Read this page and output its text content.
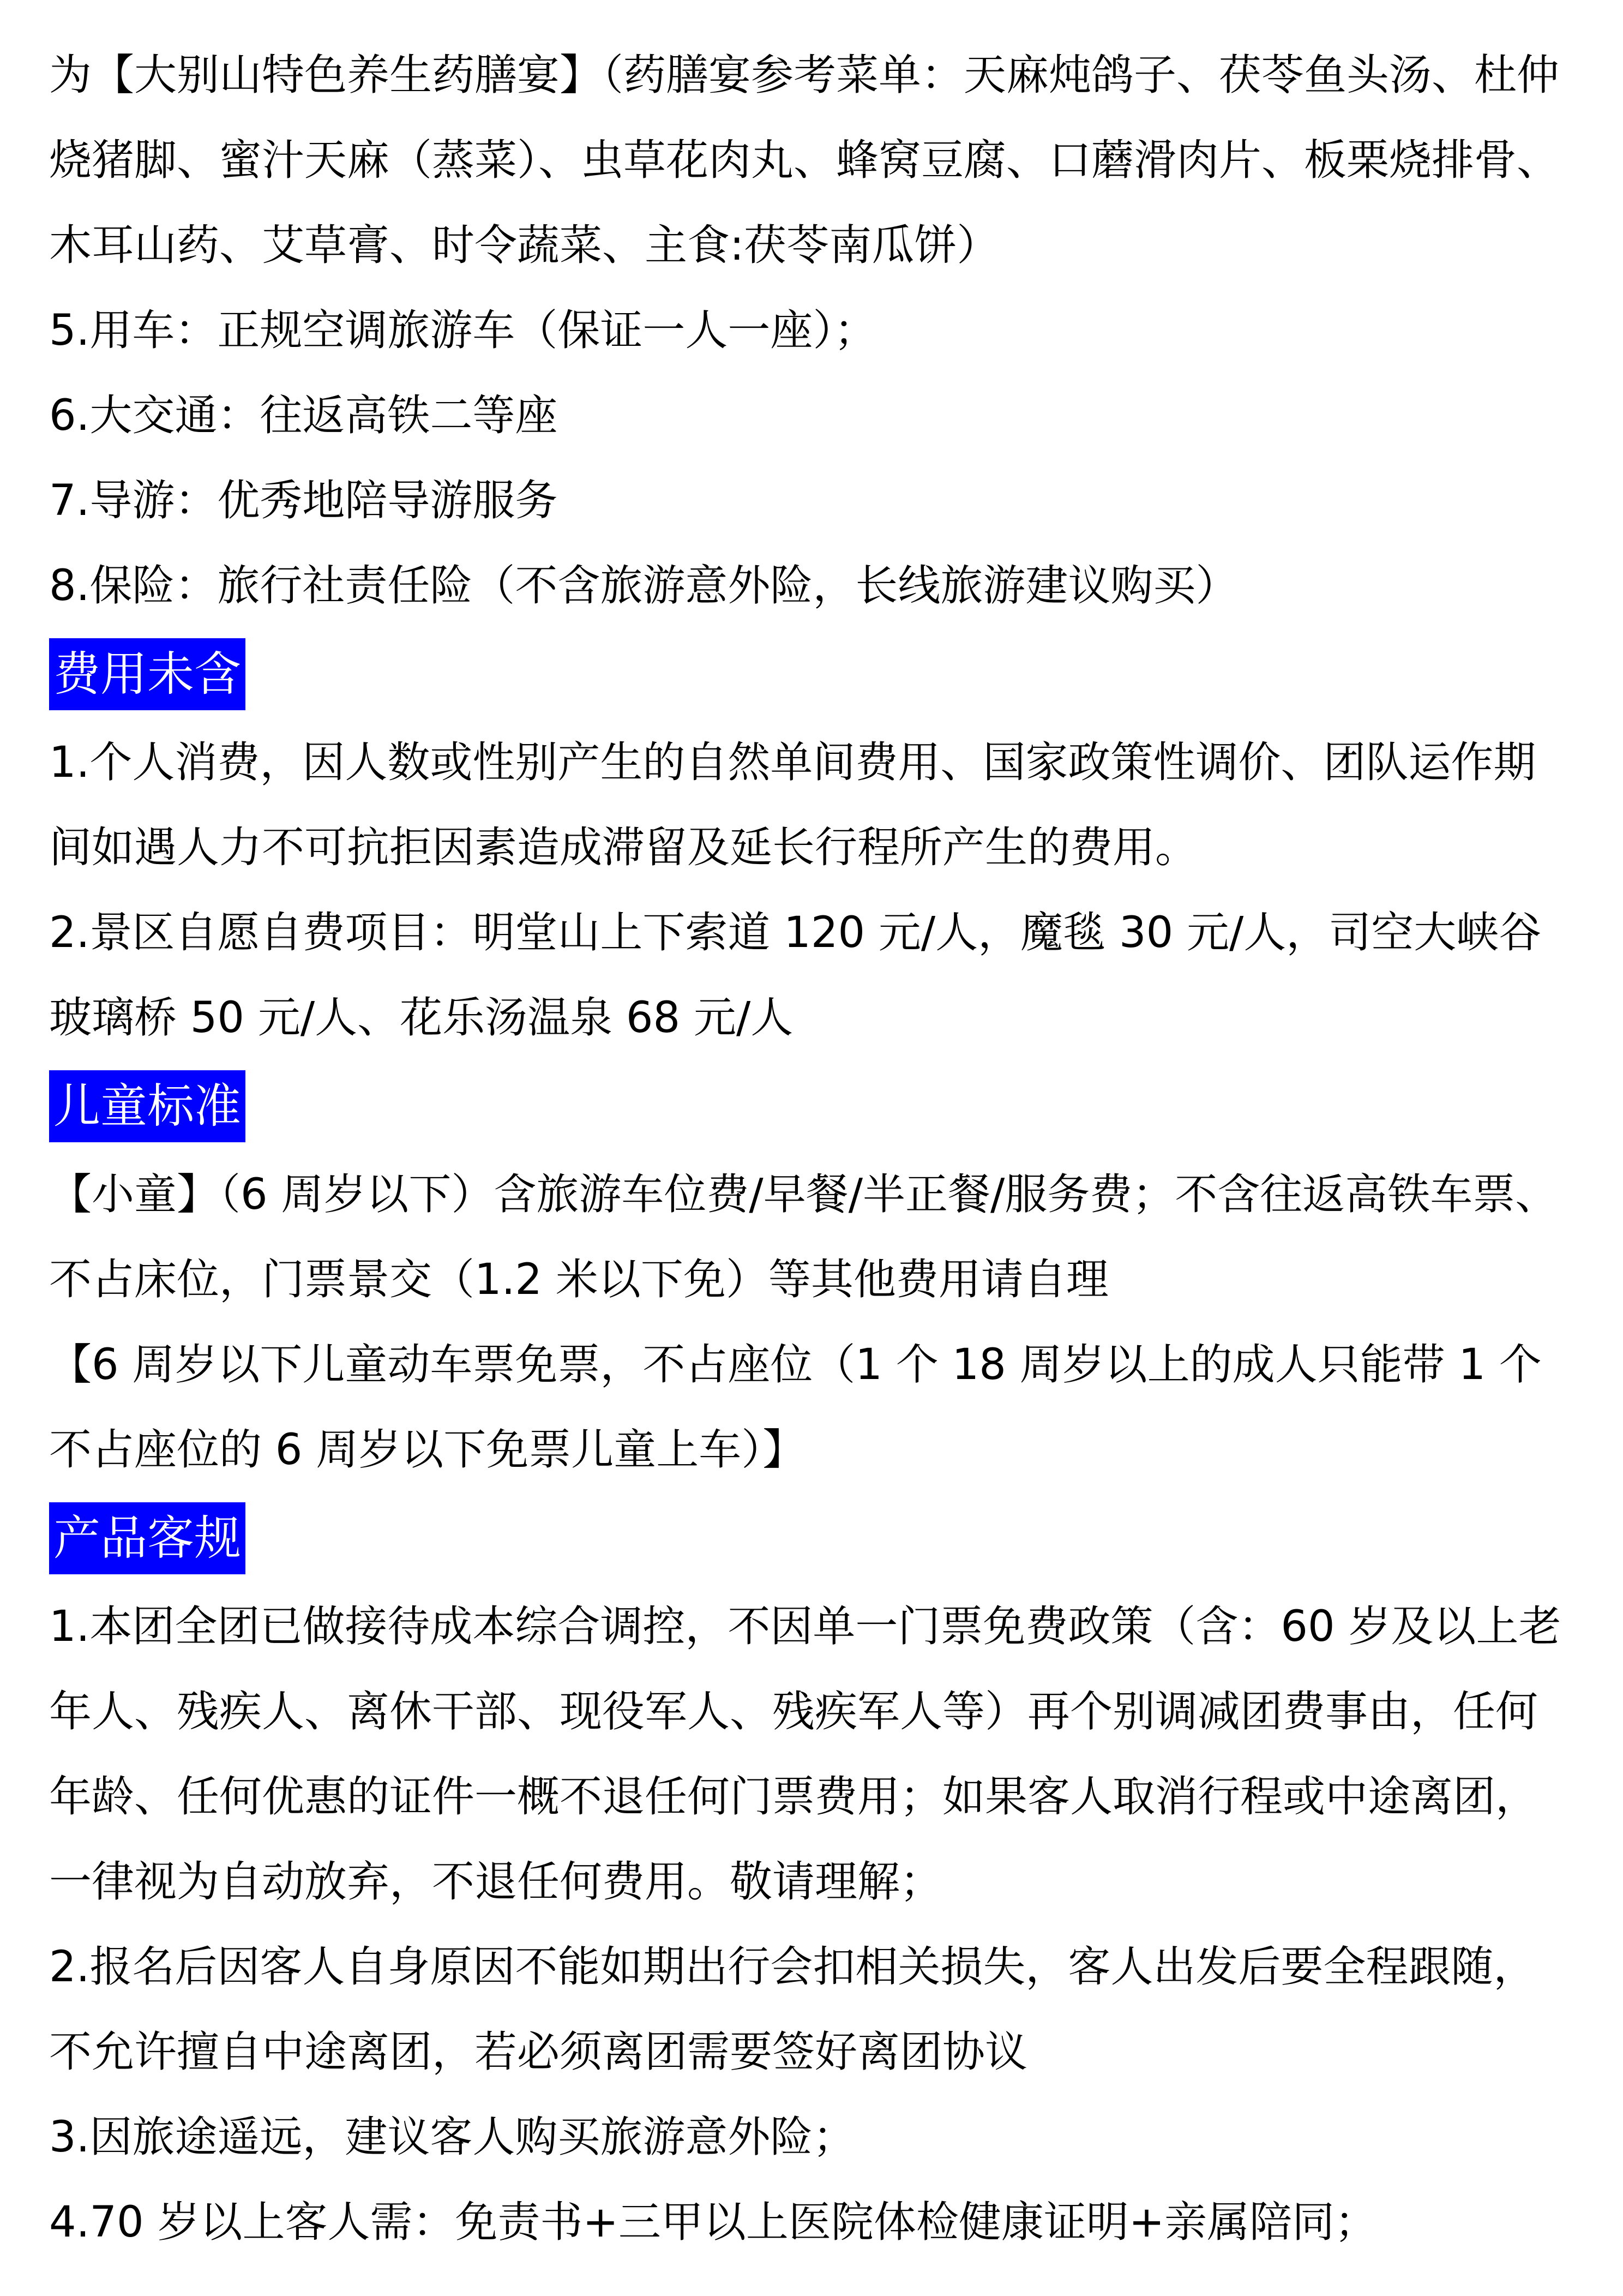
为【大别山特色养生药膳宴】（药膳宴参考菜单：天麻炖鸽子、茯苓鱼头汤、杜仲烧猪脚、蜜汁天麻（蒸菜）、虫草花肉丸、蜂窝豆腐、口蘑滑肉片、板栗烧排骨、木耳山药、艾草膏、时令蔬菜、主食:茯苓南瓜饼）

5.用车：正规空调旅游车（保证一人一座）；

6.大交通：往返高铁二等座

7.导游：优秀地陪导游服务

8.保险：旅行社责任险（不含旅游意外险，长线旅游建议购买）

费用未含

1.个人消费，因人数或性别产生的自然单间费用、国家政策性调价、团队运作期间如遇人力不可抗拒因素造成滞留及延长行程所产生的费用。

2.景区自愿自费项目：明堂山上下索道 120 元/人，魔毯 30 元/人，司空大峡谷玻璃桥 50 元/人、花乐汤温泉 68 元/人

儿童标准

【小童】（6 周岁以下）含旅游车位费/早餐/半正餐/服务费；不含往返高铁车票、不占床位，门票景交（1.2 米以下免）等其他费用请自理

【6 周岁以下儿童动车票免票，不占座位（1 个 18 周岁以上的成人只能带 1 个不占座位的 6 周岁以下免票儿童上车）】

产品客规

1.本团全团已做接待成本综合调控，不因单一门票免费政策（含：60 岁及以上老年人、残疾人、离休干部、现役军人、残疾军人等）再个别调减团费事由，任何年龄、任何优惠的证件一概不退任何门票费用；如果客人取消行程或中途离团，一律视为自动放弃，不退任何费用。敬请理解；

2.报名后因客人自身原因不能如期出行会扣相关损失，客人出发后要全程跟随，不允许擅自中途离团，若必须离团需要签好离团协议

3.因旅途遥远，建议客人购买旅游意外险；

4.70 岁以上客人需：免责书+三甲以上医院体检健康证明+亲属陪同；
